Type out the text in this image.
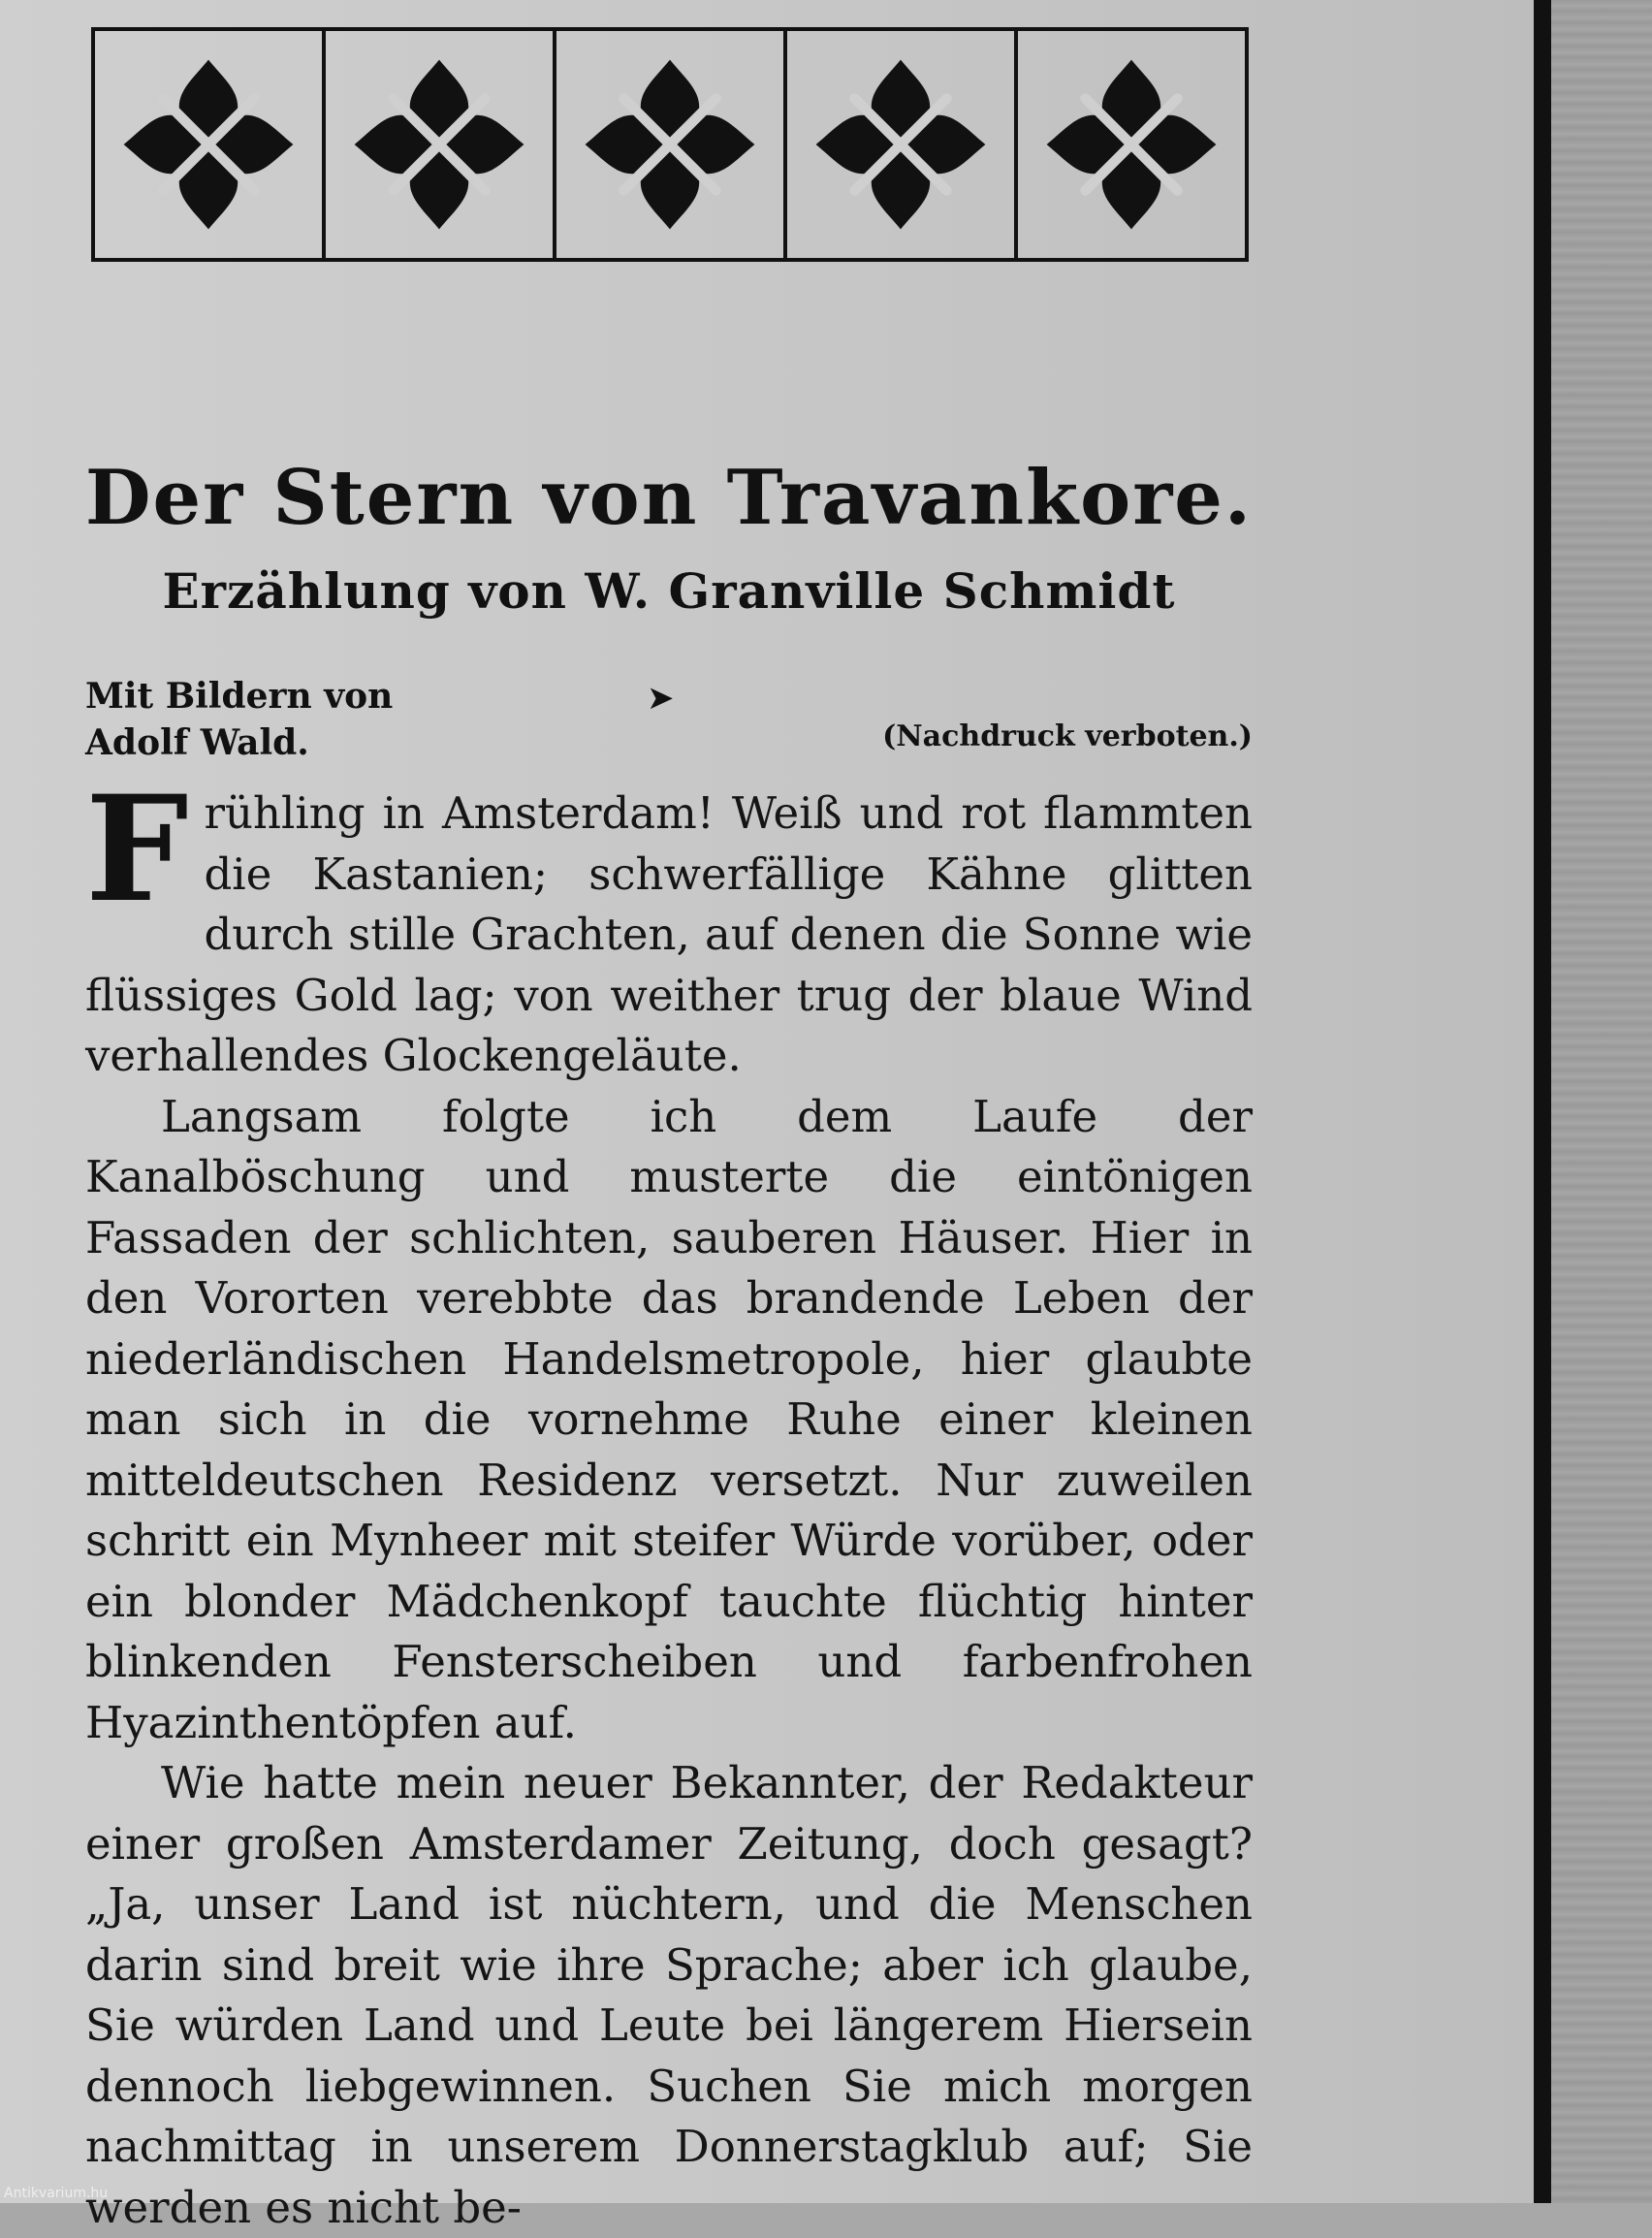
Der Stern von Travankore.
Erzählung von W. Granville Schmidt
Mit Bildern von
Adolf Wald.
➤
(Nachdruck verboten.)

Frühling in Amsterdam! Weiß und rot flammten die Kastanien; schwerfällige Kähne glitten durch stille Grachten, auf denen die Sonne wie flüssiges Gold lag; von weither trug der blaue Wind verhallendes Glockengeläute.

Langsam folgte ich dem Laufe der Kanalböschung und musterte die eintönigen Fassaden der schlichten, sauberen Häuser. Hier in den Vororten verebbte das brandende Leben der niederländischen Handelsmetropole, hier glaubte man sich in die vornehme Ruhe einer kleinen mitteldeutschen Residenz versetzt. Nur zuweilen schritt ein Mynheer mit steifer Würde vorüber, oder ein blonder Mädchenkopf tauchte flüchtig hinter blinkenden Fensterscheiben und farbenfrohen Hyazinthentöpfen auf.

Wie hatte mein neuer Bekannter, der Redakteur einer großen Amsterdamer Zeitung, doch gesagt? „Ja, unser Land ist nüchtern, und die Menschen darin sind breit wie ihre Sprache; aber ich glaube, Sie würden Land und Leute bei längerem Hiersein dennoch liebgewinnen. Suchen Sie mich morgen nachmittag in unserem Donnerstagklub auf; Sie werden es nicht be-

Antikvarium.hu
